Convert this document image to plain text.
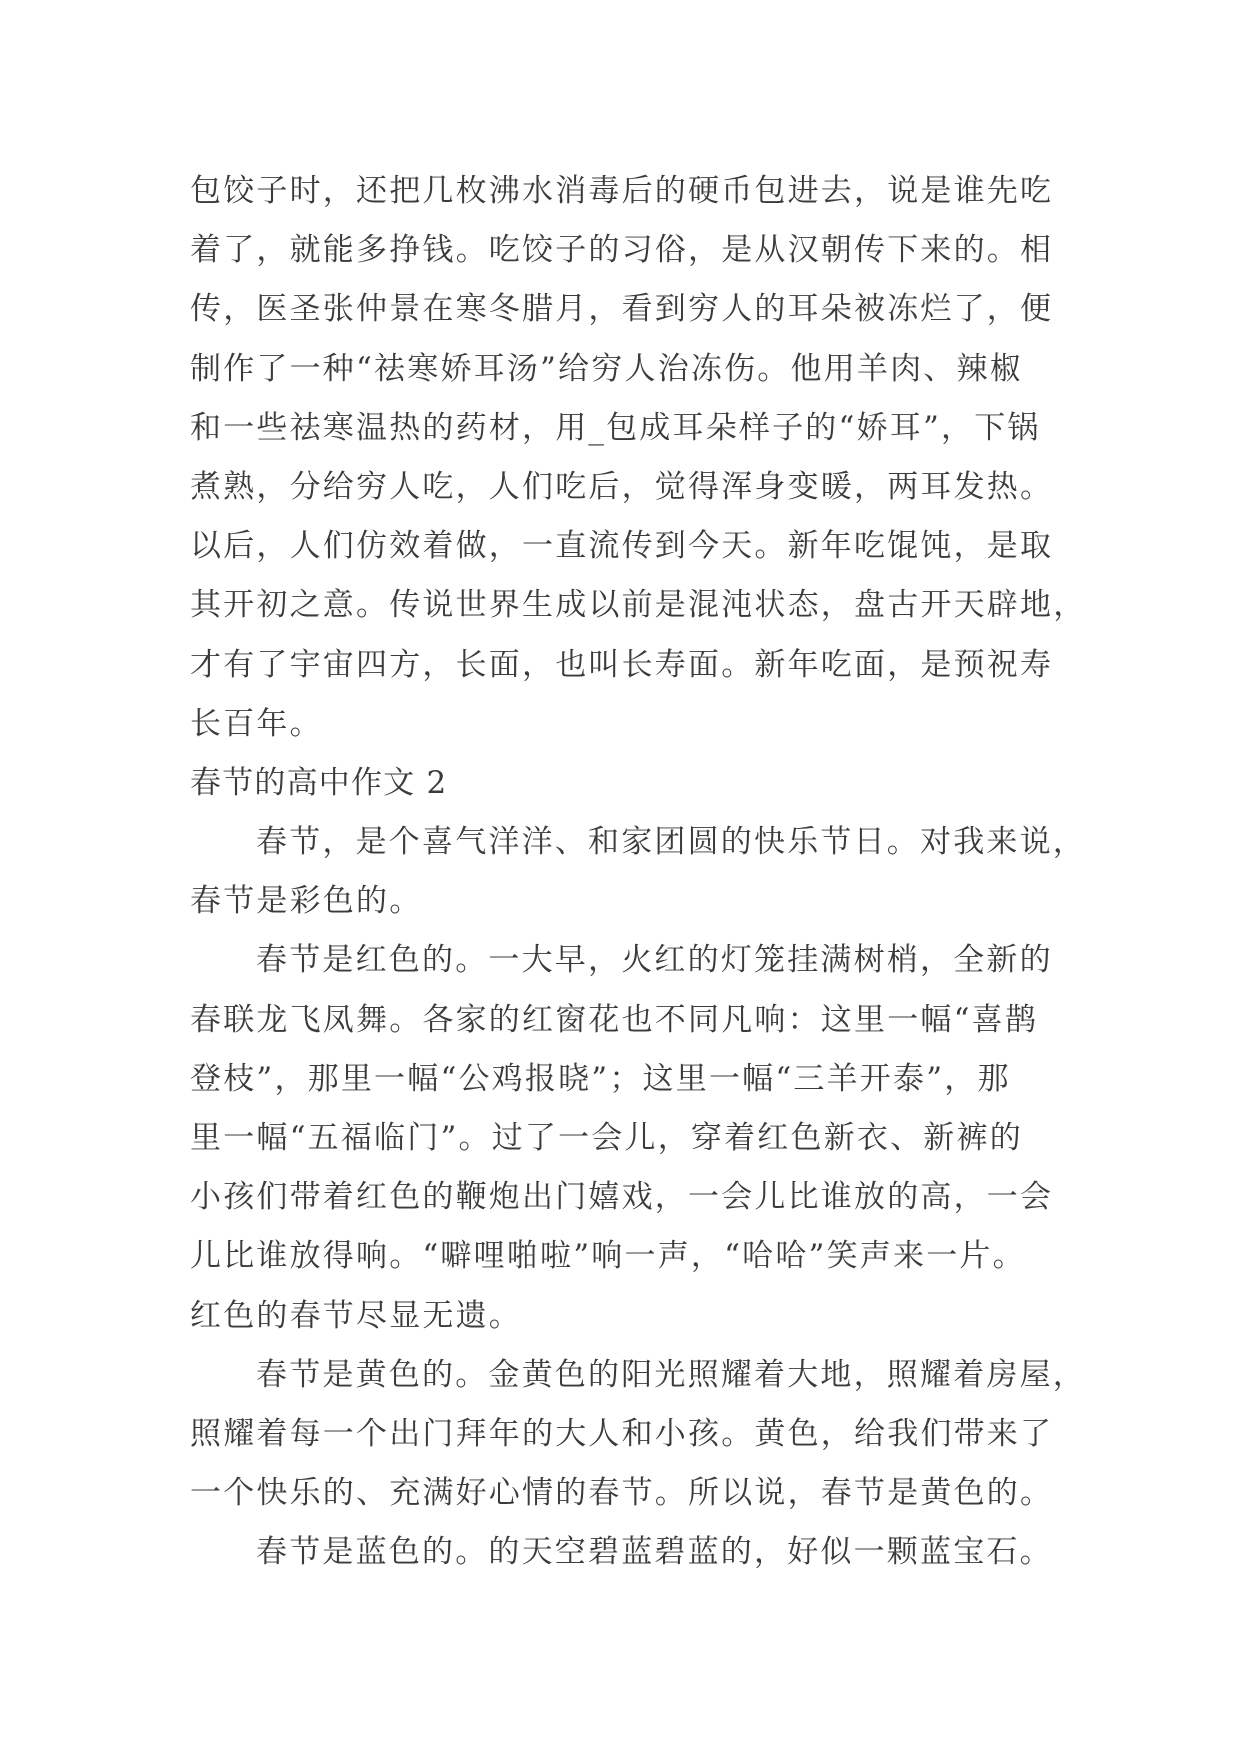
包饺子时，还把几枚沸水消毒后的硬币包进去，说是谁先吃
着了，就能多挣钱。吃饺子的习俗，是从汉朝传下来的。相
传，医圣张仲景在寒冬腊月，看到穷人的耳朵被冻烂了，便
制作了一种“祛寒娇耳汤”给穷人治冻伤。他用羊肉、辣椒
和一些祛寒温热的药材，用_包成耳朵样子的“娇耳”，下锅
煮熟，分给穷人吃，人们吃后，觉得浑身变暖，两耳发热。
以后，人们仿效着做，一直流传到今天。新年吃馄饨，是取
其开初之意。传说世界生成以前是混沌状态，盘古开天辟地，
才有了宇宙四方，长面，也叫长寿面。新年吃面，是预祝寿
长百年。
春节的高中作文 2
春节，是个喜气洋洋、和家团圆的快乐节日。对我来说，
春节是彩色的。
春节是红色的。一大早，火红的灯笼挂满树梢，全新的
春联龙飞凤舞。各家的红窗花也不同凡响：这里一幅“喜鹊
登枝”，那里一幅“公鸡报晓”；这里一幅“三羊开泰”，那
里一幅“五福临门”。过了一会儿，穿着红色新衣、新裤的
小孩们带着红色的鞭炮出门嬉戏，一会儿比谁放的高，一会
儿比谁放得响。“噼哩啪啦”响一声，“哈哈”笑声来一片。
红色的春节尽显无遗。
春节是黄色的。金黄色的阳光照耀着大地，照耀着房屋，
照耀着每一个出门拜年的大人和小孩。黄色，给我们带来了
一个快乐的、充满好心情的春节。所以说，春节是黄色的。
春节是蓝色的。的天空碧蓝碧蓝的，好似一颗蓝宝石。
